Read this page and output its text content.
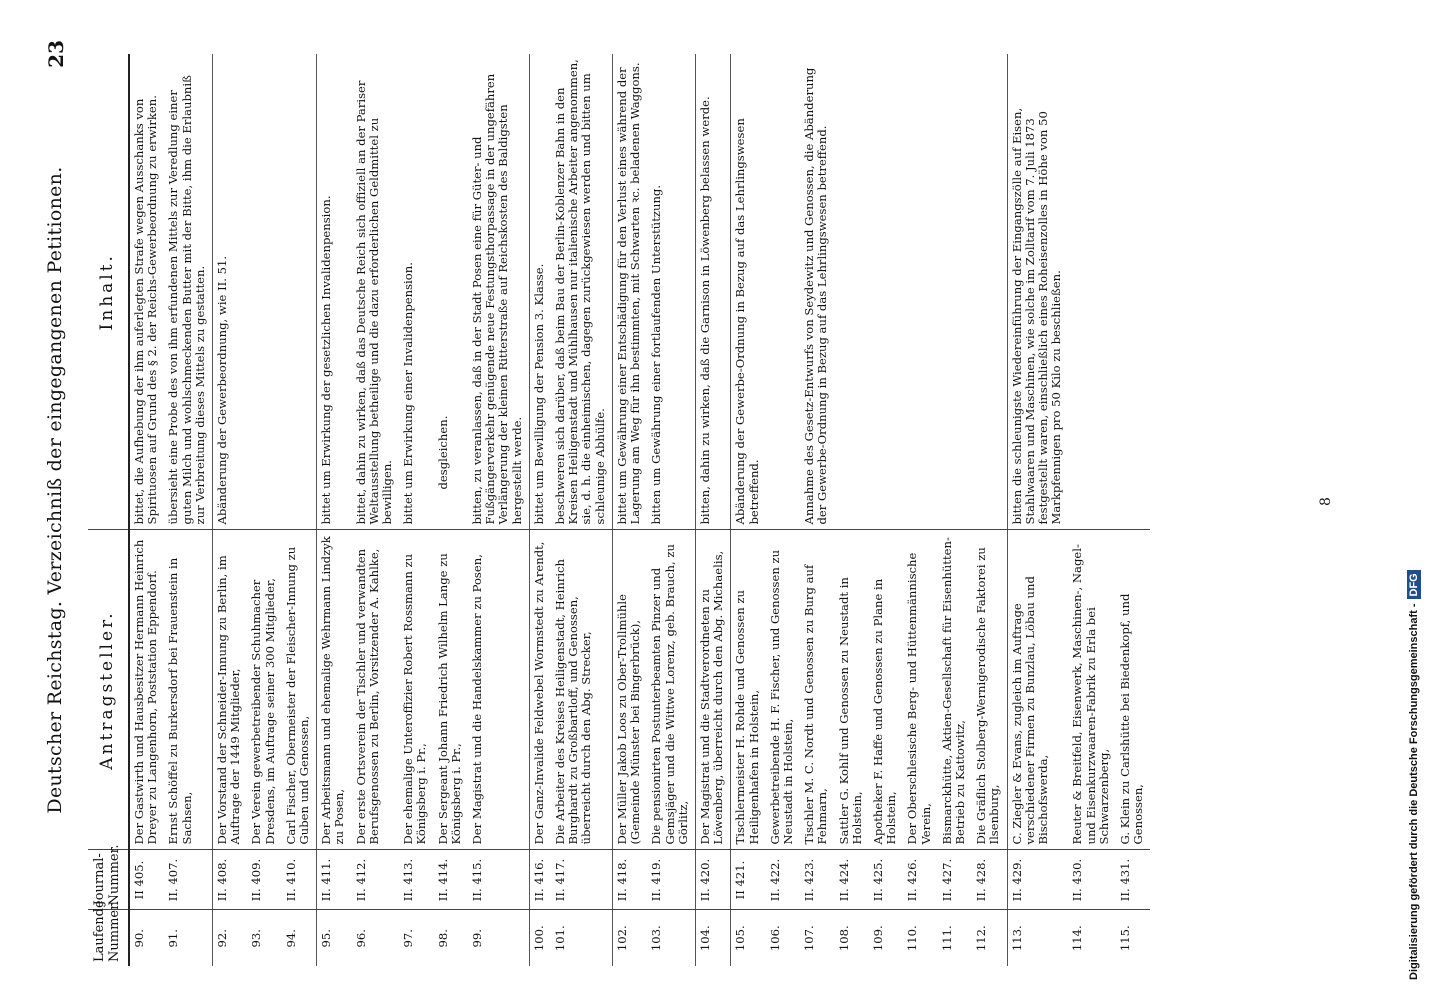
Deutscher Reichstag. Verzeichniß der eingegangenen Petitionen.
23
Laufende Nummer.	Journal-Nummer.	Antragsteller.	Inhalt.
90.	II 405.	Der Gastwirth und Hausbesitzer Hermann Heinrich Dreyer zu Langenhorn, Poststation Eppendorf.	bittet, die Aufhebung der ihm auferlegten Strafe wegen Ausschanks von Spirituosen auf Grund des § 2. der Reichs-Gewerbeordnung zu erwirken.
91.	II. 407.	Ernst Schöffel zu Burkersdorf bei Frauenstein in Sachsen,	übersieht eine Probe des von ihm erfundenen Mittels zur Veredlung einer guten Milch und wohlschmeckenden Butter mit der Bitte, ihm die Erlaubniß zur Verbreitung dieses Mittels zu gestatten.
92.	II. 408.	Der Vorstand der Schneider-Innung zu Berlin, im Auftrage der 1449 Mitglieder,	Abänderung der Gewerbeordnung, wie II. 51.
93.	II. 409.	Der Verein gewerbetreibender Schuhmacher Dresdens, im Auftrage seiner 300 Mitglieder,	
94.	II. 410.	Carl Fischer, Obermeister der Fleischer-Innung zu Guben und Genossen,	
95.	II. 411.	Der Arbeitsmann und ehemalige Wehrmann Lindzyk zu Posen,	bittet um Erwirkung der gesetzlichen Invalidenpension.
96.	II. 412.	Der erste Ortsverein der Tischler und verwandten Berufsgenossen zu Berlin, Vorsitzender A. Kahlke,	bittet, dahin zu wirken, daß das Deutsche Reich sich offiziell an der Pariser Weltausstellung betheilige und die dazu erforderlichen Geldmittel zu bewilligen.
97.	II. 413.	Der ehemalige Unteroffizier Robert Rossmann zu Königsberg i. Pr.,	bittet um Erwirkung einer Invalidenpension.
98.	II. 414.	Der Sergeant Johann Friedrich Wilhelm Lange zu Königsberg i. Pr.,	desgleichen.
99.	II. 415.	Der Magistrat und die Handelskammer zu Posen,	bitten, zu veranlassen, daß in der Stadt Posen eine für Güter- und Fußgängerverkehr genügende neue Festungsthorpassage in der ungefähren Verlängerung der kleinen Ritterstraße auf Reichskosten des Baldigsten hergestellt werde.
100.	II. 416.	Der Ganz-Invalide Feldwebel Wormstedt zu Arendt,	bittet um Bewilligung der Pension 3. Klasse.
101.	II. 417.	Die Arbeiter des Kreises Heiligenstadt, Heinrich Burghardt zu Großbartloff, und Genossen, überreicht durch den Abg. Strecker,	beschweren sich darüber, daß beim Bau der Berlin-Koblenzer Bahn in den Kreisen Heiligenstadt und Mühlhausen nur italienische Arbeiter angenommen, sie, d. h. die einheimischen, dagegen zurückgewiesen werden und bitten um schleunige Abhülfe.
102.	II. 418.	Der Müller Jakob Loos zu Ober-Trollmühle (Gemeinde Münster bei Bingerbrück),	bittet um Gewährung einer Entschädigung für den Verlust eines während der Lagerung am Weg für ihn bestimmten, mit Schwarten ꝛc. beladenen Waggons.
103.	II. 419.	Die pensionirten Postunterbeamten Pinzer und Gemsjäger und die Wittwe Lorenz, geb. Brauch, zu Görlitz,	bitten um Gewährung einer fortlaufenden Unterstützung.
104.	II. 420.	Der Magistrat und die Stadtverordneten zu Löwenberg, überreicht durch den Abg. Michaelis,	bitten, dahin zu wirken, daß die Garnison in Löwenberg belassen werde.
105.	II 421.	Tischlermeister H. Rohde und Genossen zu Heiligenhafen in Holstein,	Abänderung der Gewerbe-Ordnung in Bezug auf das Lehrlingswesen betreffend.
106.	II. 422.	Gewerbetreibende H. F. Fischer, und Genossen zu Neustadt in Holstein,	
107.	II. 423.	Tischler M. C. Nordt und Genossen zu Burg auf Fehmarn,	Annahme des Gesetz-Entwurfs von Seydewitz und Genossen, die Abänderung der Gewerbe-Ordnung in Bezug auf das Lehrlingswesen betreffend.
108.	II. 424.	Sattler G. Kohlf und Genossen zu Neustadt in Holstein,	
109.	II. 425.	Apotheker F. Haffe und Genossen zu Plane in Holstein,	
110.	II. 426.	Der Oberschlesische Berg- und Hüttenmännische Verein,	
111.	II. 427.	Bismarckhütte, Aktien-Gesellschaft für Eisenhütten-Betrieb zu Kattowitz,	
112.	II. 428.	Die Gräflich Stolberg-Wernigerodische Faktorei zu Ilsenburg,	
113.	II. 429.	C. Ziegler & Evans, zugleich im Auftrage verschiedener Firmen zu Bunzlau, Löbau und Bischofswerda,	bitten die schleunigste Wiedereinführung der Eingangszölle auf Eisen, Stahlwaaren und Maschinen, wie solche im Zolltarif vom 7. Juli 1873 festgestellt waren, einschließlich eines Roheisenzolles in Höhe von 50 Markpfennigen pro 50 Kilo zu beschließen.
114.	II. 430.	Reuter & Breitfeld, Eisenwerk, Maschinen-, Nagel- und Eisenkurzwaaren-Fabrik zu Erla bei Schwarzenberg,	
115.	II. 431.	G. Klein zu Carlshütte bei Biedenkopf, und Genossen,	
8
Digitalisierung gefördert durch die Deutsche Forschungsgemeinschaft -DFG
